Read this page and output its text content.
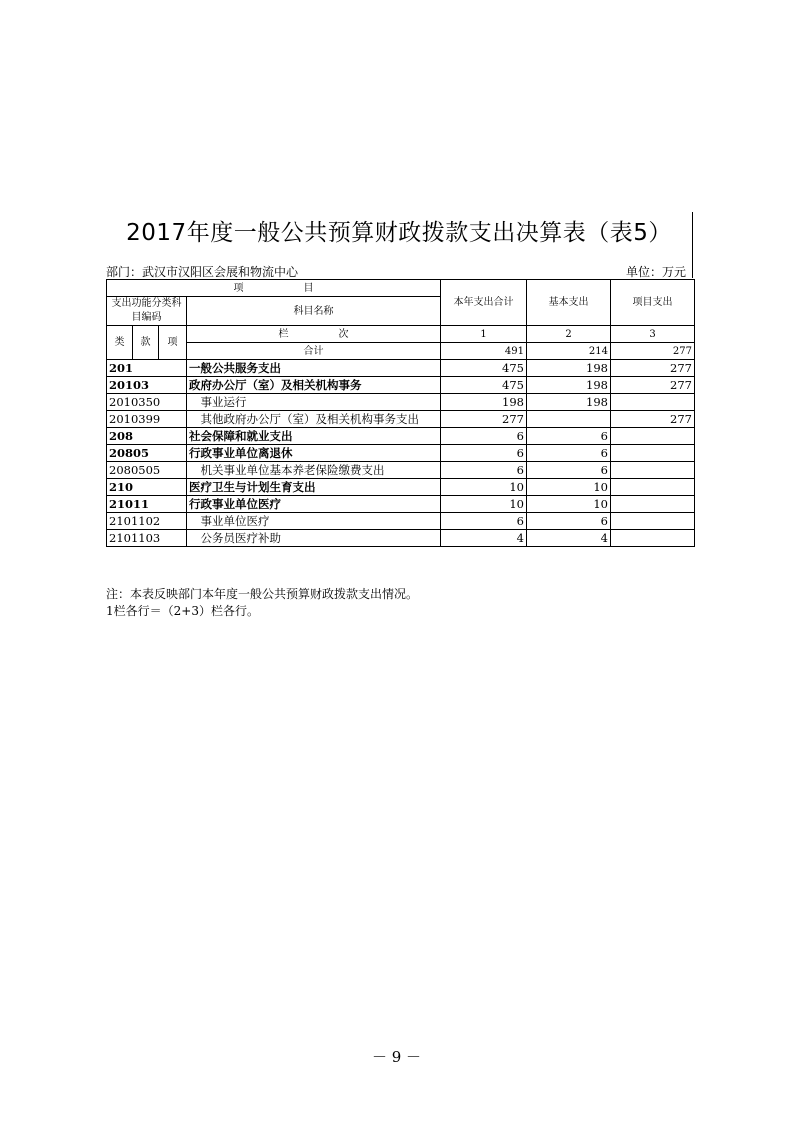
2017年度一般公共预算财政拨款支出决算表（表5）
部门：武汉市汉阳区会展和物流中心	单位：万元
项　　　　　　目				本年支出合计	基本支出	项目支出
支出功能分类科目编码			科目名称			
类	款	项	栏　　　　　次	1	2	3
			合计	491	214	277
201			一般公共服务支出	475	198	277
20103			政府办公厅（室）及相关机构事务	475	198	277
2010350			　事业运行	198	198	
2010399			　其他政府办公厅（室）及相关机构事务支出	277		277
208			社会保障和就业支出	6	6	
20805			行政事业单位离退休	6	6	
2080505			　机关事业单位基本养老保险缴费支出	6	6	
210			医疗卫生与计划生育支出	10	10	
21011			行政事业单位医疗	10	10	
2101102			　事业单位医疗	6	6	
2101103			　公务员医疗补助	4	4	
注：本表反映部门本年度一般公共预算财政拨款支出情况。
1栏各行＝（2+3）栏各行。
－ 9 －
